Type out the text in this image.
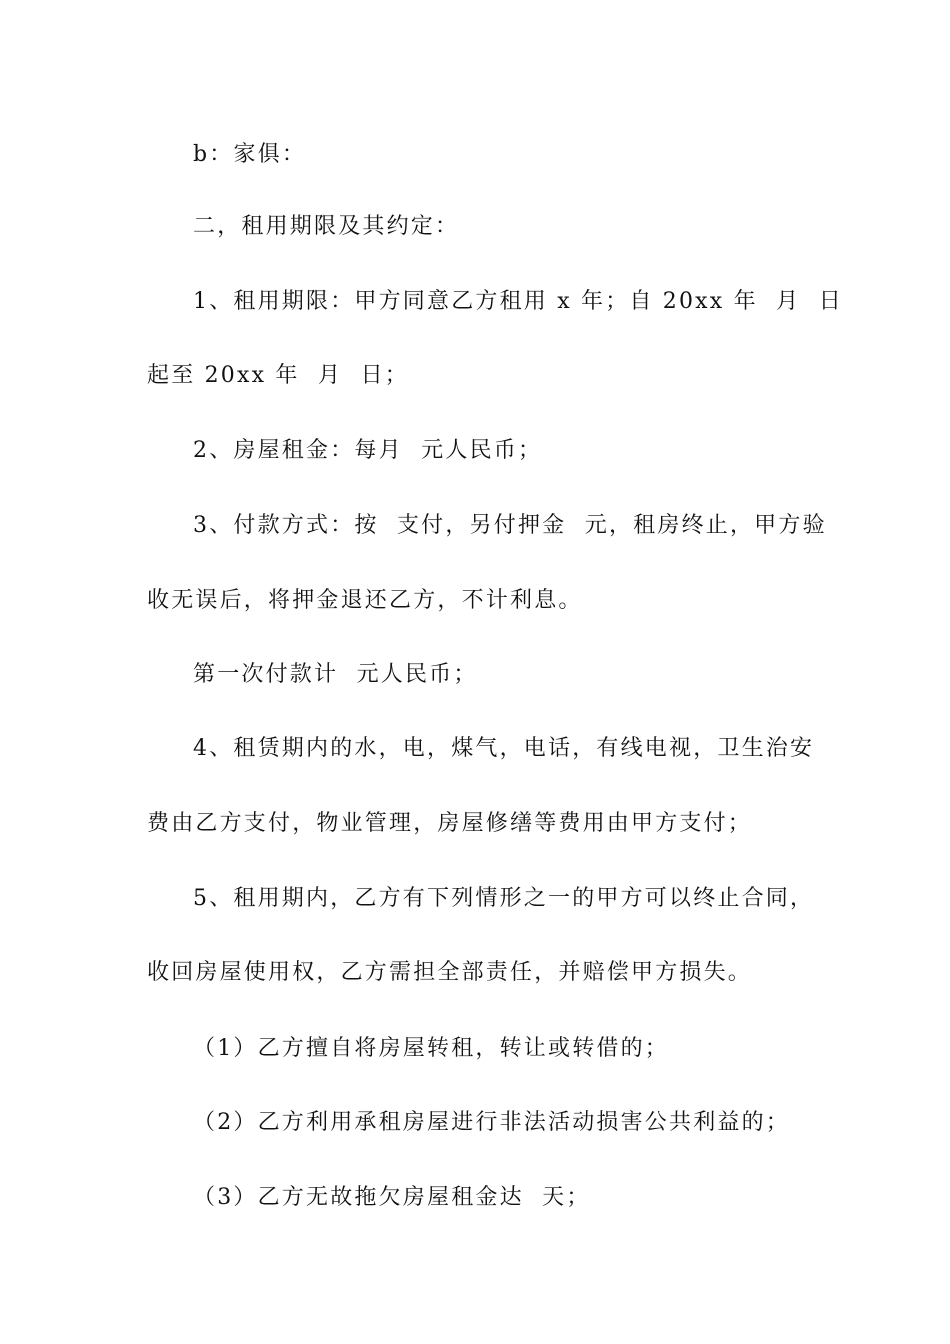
b：家俱：
二，租用期限及其约定：
1、租用期限：甲方同意乙方租用 x 年；自 20xx 年  月  日
起至 20xx 年  月  日；
2、房屋租金：每月  元人民币；
3、付款方式：按  支付，另付押金  元，租房终止，甲方验
收无误后，将押金退还乙方，不计利息。
第一次付款计  元人民币；
4、租赁期内的水，电，煤气，电话，有线电视，卫生治安
费由乙方支付，物业管理，房屋修缮等费用由甲方支付；
5、租用期内，乙方有下列情形之一的甲方可以终止合同，
收回房屋使用权，乙方需担全部责任，并赔偿甲方损失。
（1）乙方擅自将房屋转租，转让或转借的；
（2）乙方利用承租房屋进行非法活动损害公共利益的；
（3）乙方无故拖欠房屋租金达  天；
